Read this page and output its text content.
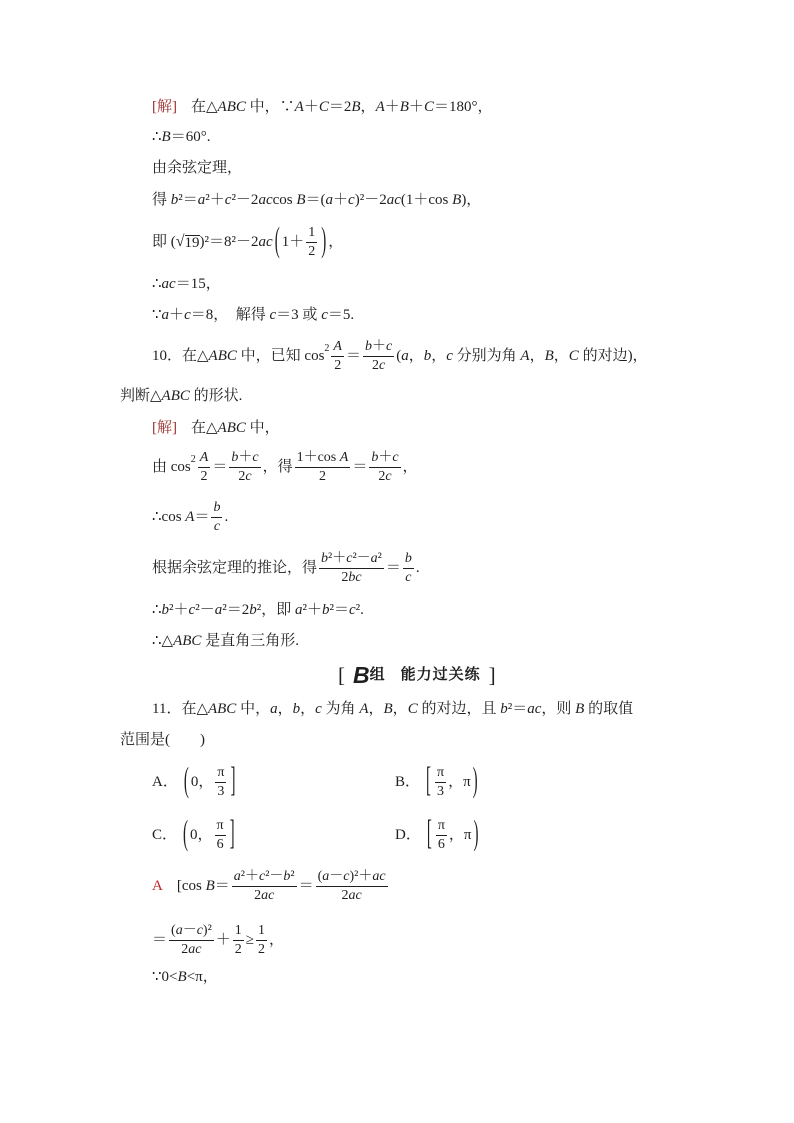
[解] 在△ABC 中，∵A＋C＝2B，A＋B＋C＝180°，
∴B＝60°.
由余弦定理，
得 b²＝a²＋c²－2accos B＝(a＋c)²－2ac(1＋cos B)，
即 ( √ 19 )²＝8²－2ac ( $1+ \frac{1}{2}$ ) ，
∴ac＝15，
∵a＋c＝8，  解得 c＝3 或 c＝5.
10．在△ABC 中，已知 $\cos 2 \frac{A}{2} = \frac{b+c}{2c} (a$，b，c 分别为角 A，B，C 的对边)，
判断△ABC 的形状.
[解] 在△ABC 中，
由 $\cos 2 \frac{A}{2} = \frac{b+c}{2c}$ ，得 $\frac{\text{1＋cos A}}{2} = \frac{b+c}{2c}$ ，
∴cos $A= \frac{b}{c}$ .
根据余弦定理的推论，得 $\frac{\text{b²＋c²－a²}}{2bc} = \frac{b}{c}$ .
∴b²＋c²－a²＝2b²，即 a²＋b²＝c².
∴△ABC 是直角三角形.
[ B 组 能力过关练 ]
11．在△ABC 中，a，b，c 为角 A，B，C 的对边，且 b²＝ac，则 B 的取值
范围是(　　)
A． ( 0， $\frac{\pi}{3}$ ]	B． [ $\frac{\pi}{3}$ ，π )
C． ( 0， $\frac{\pi}{6}$ ]	D． [ $\frac{\pi}{6}$ ，π )
A [cos $B= \frac{\text{a²＋c²－b²}}{2ac} = \frac{\text{(a－c)²＋ac}}{2ac}$
＝ $\frac{\text{(a－c)²}}{2ac} + \frac{1}{2} \ge \frac{1}{2}$ ，
∵0<B<π，
